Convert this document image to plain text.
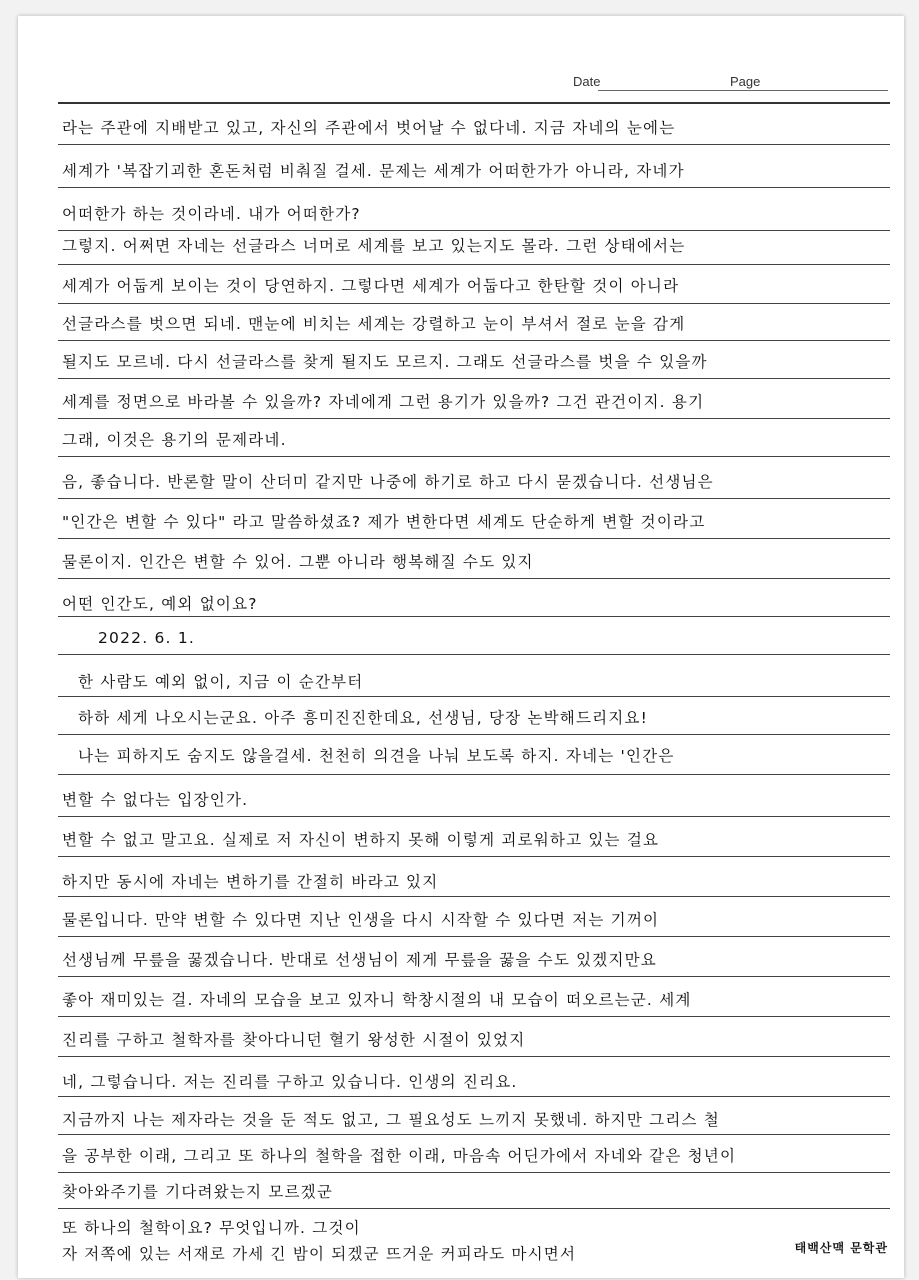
Date	Page
라는 주관에 지배받고 있고, 자신의 주관에서 벗어날 수 없다네. 지금 자네의 눈에는
세계가 '복잡기괴한 혼돈처럼 비춰질 걸세. 문제는 세계가 어떠한가가 아니라, 자네가
어떠한가 하는 것이라네. 내가 어떠한가?
그렇지. 어쩌면 자네는 선글라스 너머로 세계를 보고 있는지도 몰라. 그런 상태에서는
세계가 어둡게 보이는 것이 당연하지. 그렇다면 세계가 어둡다고 한탄할 것이 아니라
선글라스를 벗으면 되네. 맨눈에 비치는 세계는 강렬하고 눈이 부셔서 절로 눈을 감게
될지도 모르네. 다시 선글라스를 찾게 될지도 모르지. 그래도 선글라스를 벗을 수 있을까
세계를 정면으로 바라볼 수 있을까? 자네에게 그런 용기가 있을까? 그건 관건이지. 용기
그래, 이것은 용기의 문제라네.
음, 좋습니다. 반론할 말이 산더미 같지만 나중에 하기로 하고 다시 묻겠습니다. 선생님은
"인간은 변할 수 있다" 라고 말씀하셨죠? 제가 변한다면 세계도 단순하게 변할 것이라고
물론이지. 인간은 변할 수 있어. 그뿐 아니라 행복해질 수도 있지
어떤 인간도, 예외 없이요?
2022. 6. 1.
한 사람도 예외 없이, 지금 이 순간부터
하하 세게 나오시는군요. 아주 흥미진진한데요, 선생님, 당장 논박해드리지요!
나는 피하지도 숨지도 않을걸세. 천천히 의견을 나눠 보도록 하지. 자네는 '인간은
변할 수 없다는 입장인가.
변할 수 없고 말고요. 실제로 저 자신이 변하지 못해 이렇게 괴로워하고 있는 걸요
하지만 동시에 자네는 변하기를 간절히 바라고 있지
물론입니다. 만약 변할 수 있다면 지난 인생을 다시 시작할 수 있다면 저는 기꺼이
선생님께 무릎을 꿇겠습니다. 반대로 선생님이 제게 무릎을 꿇을 수도 있겠지만요
좋아 재미있는 걸. 자네의 모습을 보고 있자니 학창시절의 내 모습이 떠오르는군. 세계
진리를 구하고 철학자를 찾아다니던 혈기 왕성한 시절이 있었지
네, 그렇습니다. 저는 진리를 구하고 있습니다. 인생의 진리요.
지금까지 나는 제자라는 것을 둔 적도 없고, 그 필요성도 느끼지 못했네. 하지만 그리스 철
을 공부한 이래, 그리고 또 하나의 철학을 접한 이래, 마음속 어딘가에서 자네와 같은 청년이
찾아와주기를 기다려왔는지 모르겠군
또 하나의 철학이요? 무엇입니까. 그것이
자 저쪽에 있는 서재로 가세 긴 밤이 되겠군 뜨거운 커피라도 마시면서	태백산맥 문학관
